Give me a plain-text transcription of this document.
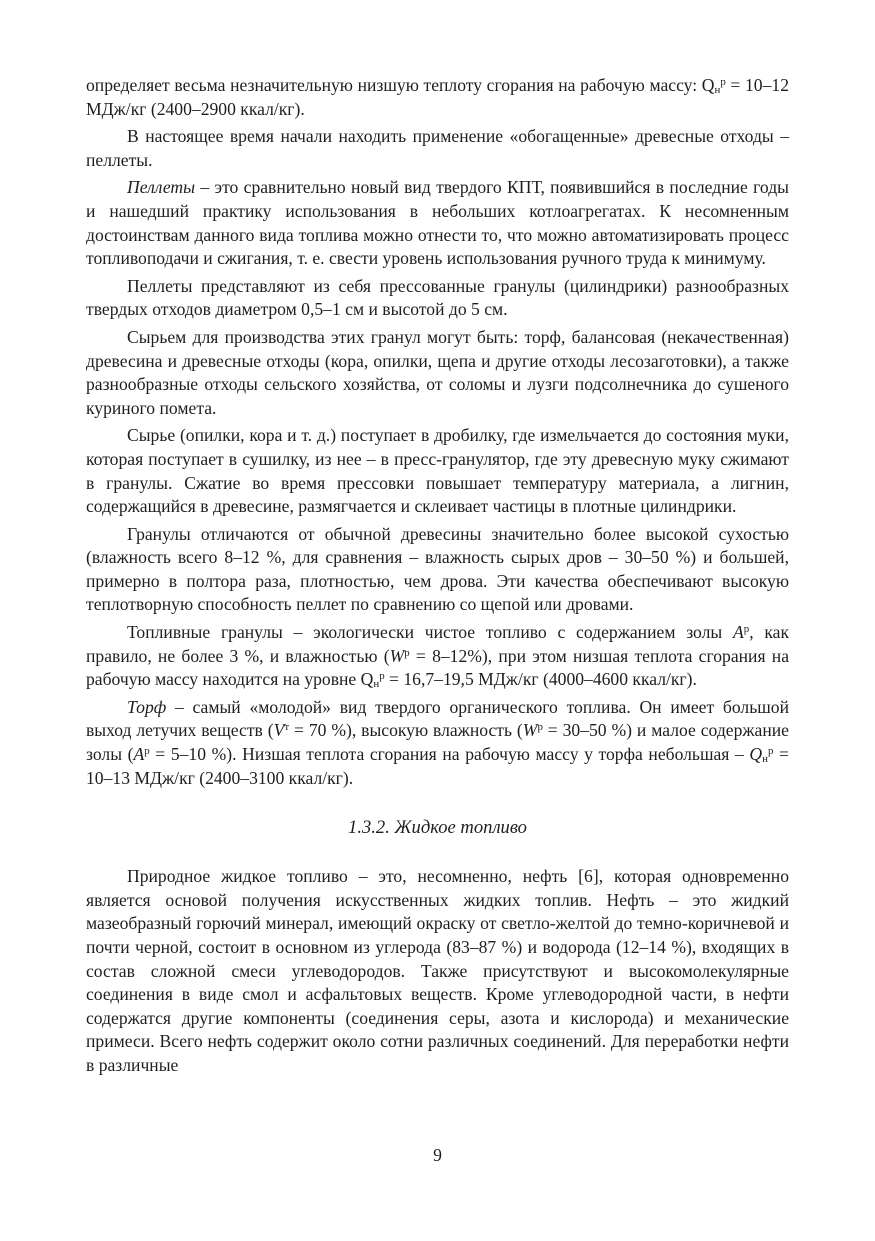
определяет весьма незначительную низшую теплоту сгорания на рабочую массу: $Q_н^р = 10-12$ МДж/кг (2400–2900 ккал/кг).

В настоящее время начали находить применение «обогащенные» древесные отходы – пеллеты.

Пеллеты – это сравнительно новый вид твердого КПТ, появившийся в последние годы и нашедший практику использования в небольших котлоагрегатах. К несомненным достоинствам данного вида топлива можно отнести то, что можно автоматизировать процесс топливоподачи и сжигания, т. е. свести уровень использования ручного труда к минимуму.

Пеллеты представляют из себя прессованные гранулы (цилиндрики) разнообразных твердых отходов диаметром 0,5–1 см и высотой до 5 см.

Сырьем для производства этих гранул могут быть: торф, балансовая (некачественная) древесина и древесные отходы (кора, опилки, щепа и другие отходы лесозаготовки), а также разнообразные отходы сельского хозяйства, от соломы и лузги подсолнечника до сушеного куриного помета.

Сырье (опилки, кора и т. д.) поступает в дробилку, где измельчается до состояния муки, которая поступает в сушилку, из нее – в пресс-гранулятор, где эту древесную муку сжимают в гранулы. Сжатие во время прессовки повышает температуру материала, а лигнин, содержащийся в древесине, размягчается и склеивает частицы в плотные цилиндрики.

Гранулы отличаются от обычной древесины значительно более высокой сухостью (влажность всего 8–12 %, для сравнения – влажность сырых дров – 30–50 %) и большей, примерно в полтора раза, плотностью, чем дрова. Эти качества обеспечивают высокую теплотворную способность пеллет по сравнению со щепой или дровами.

Топливные гранулы – экологически чистое топливо с содержанием золы $A^р$, как правило, не более 3 %, и влажностью $(W^р = 8-12\%)$, при этом низшая теплота сгорания на рабочую массу находится на уровне $Q_н^р = 16,7-19,5$ МДж/кг (4000–4600 ккал/кг).

Торф – самый «молодой» вид твердого органического топлива. Он имеет большой выход летучих веществ ($V^т = 70$ %), высокую влажность ($W^р = 30-50$ %) и малое содержание золы ($A^р = 5-10$ %). Низшая теплота сгорания на рабочую массу у торфа небольшая – $Q_н^р = 10-13$ МДж/кг (2400–3100 ккал/кг).

1.3.2. Жидкое топливо

Природное жидкое топливо – это, несомненно, нефть [6], которая одновременно является основой получения искусственных жидких топлив. Нефть – это жидкий мазеобразный горючий минерал, имеющий окраску от светло-желтой до темно-коричневой и почти черной, состоит в основном из углерода (83–87 %) и водорода (12–14 %), входящих в состав сложной смеси углеводородов. Также присутствуют и высокомолекулярные соединения в виде смол и асфальтовых веществ. Кроме углеводородной части, в нефти содержатся другие компоненты (соединения серы, азота и кислорода) и механические примеси. Всего нефть содержит около сотни различных соединений. Для переработки нефти в различные

9
